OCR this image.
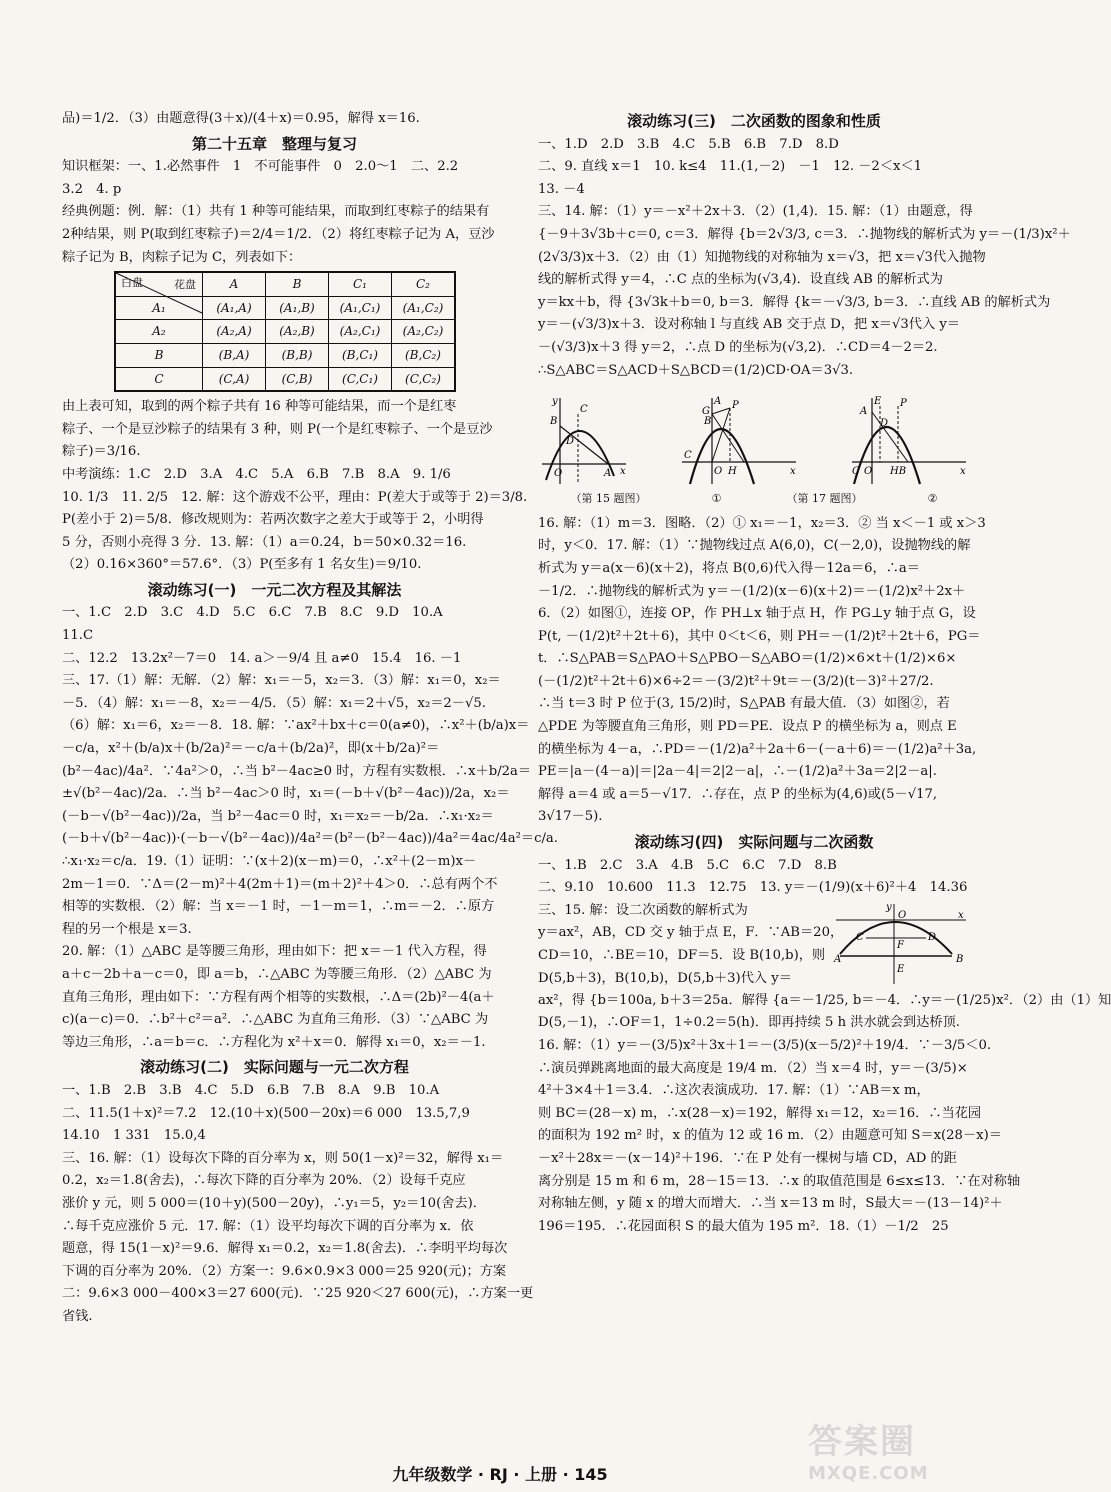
品)＝1/2．（3）由题意得(3＋x)/(4＋x)＝0.95，解得 x＝16.
第二十五章　整理与复习
知识框架：一、1.必然事件　1　不可能事件　0　2.0～1　二、2.2
3.2　4. p
经典例题：例．解：（1）共有 1 种等可能结果，而取到红枣粽子的结果有
2种结果，则 P(取到红枣粽子)＝2/4＝1/2．（2）将红枣粽子记为 A，豆沙
粽子记为 B，肉粽子记为 C，列表如下：
花盘
白盘	A	B	C₁	C₂
A₁	(A₁,A)	(A₁,B)	(A₁,C₁)	(A₁,C₂)
A₂	(A₂,A)	(A₂,B)	(A₂,C₁)	(A₂,C₂)
B	(B,A)	(B,B)	(B,C₁)	(B,C₂)
C	(C,A)	(C,B)	(C,C₁)	(C,C₂)
由上表可知，取到的两个粽子共有 16 种等可能结果，而一个是红枣
粽子、一个是豆沙粽子的结果有 3 种，则 P(一个是红枣粽子、一个是豆沙
粽子)＝3/16.
中考演练：1.C　2.D　3.A　4.C　5.A　6.B　7.B　8.A　9. 1/6
10. 1/3　11. 2/5　12. 解：这个游戏不公平，理由：P(差大于或等于 2)＝3/8.
P(差小于 2)＝5/8．修改规则为：若两次数字之差大于或等于 2，小明得
5 分，否则小亮得 3 分．13. 解：（1）a＝0.24，b＝50×0.32＝16.
（2）0.16×360°＝57.6°．（3）P(至多有 1 名女生)＝9/10.
滚动练习(一)　一元二次方程及其解法
一、1.C　2.D　3.C　4.D　5.C　6.C　7.B　8.C　9.D　10.A
11.C
二、12.2　13.2x²－7＝0　14. a＞－9/4 且 a≠0　15.4　16. －1
三、17.（1）解：无解．（2）解：x₁＝－5，x₂＝3．（3）解：x₁＝0，x₂＝
－5．（4）解：x₁＝－8，x₂＝－4/5．（5）解：x₁＝2＋√5，x₂＝2－√5.
（6）解：x₁＝6，x₂＝－8．18. 解：∵ax²＋bx＋c＝0(a≠0)，∴x²＋(b/a)x＝
－c/a，x²＋(b/a)x＋(b/2a)²＝－c/a＋(b/2a)²，即(x＋b/2a)²＝
(b²－4ac)/4a²．∵4a²＞0，∴当 b²－4ac≥0 时，方程有实数根．∴x＋b/2a＝
±√(b²－4ac)/2a．∴当 b²－4ac＞0 时，x₁＝(－b＋√(b²－4ac))/2a，x₂＝
(－b－√(b²－4ac))/2a，当 b²－4ac＝0 时，x₁＝x₂＝－b/2a．∴x₁·x₂＝
(－b＋√(b²－4ac))·(－b－√(b²－4ac))/4a²＝(b²－(b²－4ac))/4a²＝4ac/4a²＝c/a.
∴x₁·x₂＝c/a．19.（1）证明：∵(x＋2)(x－m)＝0，∴x²＋(2－m)x－
2m－1＝0．∵Δ＝(2－m)²＋4(2m＋1)＝(m＋2)²＋4＞0．∴总有两个不
相等的实数根．（2）解：当 x＝－1 时，－1－m＝1，∴m＝－2．∴原方
程的另一个根是 x＝3.
20. 解：（1）△ABC 是等腰三角形，理由如下：把 x＝－1 代入方程，得
a＋c－2b＋a－c＝0，即 a＝b，∴△ABC 为等腰三角形．（2）△ABC 为
直角三角形，理由如下：∵方程有两个相等的实数根，∴Δ＝(2b)²－4(a＋
c)(a－c)＝0．∴b²＋c²＝a²．∴△ABC 为直角三角形．（3）∵△ABC 为
等边三角形，∴a＝b＝c．∴方程化为 x²＋x＝0．解得 x₁＝0，x₂＝－1.
滚动练习(二)　实际问题与一元二次方程
一、1.B　2.B　3.B　4.C　5.D　6.B　7.B　8.A　9.B　10.A
二、11.5(1＋x)²＝7.2　12.(10＋x)(500－20x)＝6 000　13.5,7,9
14.10　1 331　15.0,4
三、16. 解：（1）设每次下降的百分率为 x，则 50(1－x)²＝32，解得 x₁＝
0.2，x₂＝1.8(舍去)，∴每次下降的百分率为 20%．（2）设每千克应
涨价 y 元，则 5 000＝(10＋y)(500－20y)，∴y₁＝5，y₂＝10(舍去)．
∴每千克应涨价 5 元．17. 解：（1）设平均每次下调的百分率为 x．依
题意，得 15(1－x)²＝9.6．解得 x₁＝0.2，x₂＝1.8(舍去)．∴李明平均每次
下调的百分率为 20%．（2）方案一：9.6×0.9×3 000＝25 920(元)；方案
二：9.6×3 000－400×3＝27 600(元)．∵25 920＜27 600(元)，∴方案一更
省钱.
滚动练习(三)　二次函数的图象和性质
一、1.D　2.D　3.B　4.C　5.B　6.B　7.D　8.D
二、9. 直线 x＝1　10. k≤4　11.(1,－2)　－1　12. －2＜x＜1
13. －4
三、14. 解：（1）y＝－x²＋2x＋3．（2）(1,4)．15. 解：（1）由题意，得
{－9＋3√3b＋c＝0, c＝3．解得 {b＝2√3/3, c＝3．∴抛物线的解析式为 y＝－(1/3)x²＋
(2√3/3)x＋3．（2）由（1）知抛物线的对称轴为 x＝√3，把 x＝√3代入抛物
线的解析式得 y＝4，∴C 点的坐标为(√3,4)．设直线 AB 的解析式为
y＝kx＋b，得 {3√3k＋b＝0, b＝3．解得 {k＝－√3/3, b＝3．∴直线 AB 的解析式为
y＝－(√3/3)x＋3．设对称轴 l 与直线 AB 交于点 D，把 x＝√3代入 y＝
－(√3/3)x＋3 得 y＝2，∴点 D 的坐标为(√3,2)．∴CD＝4－2＝2.
∴S△ABC＝S△ACD＋S△BCD＝(1/2)CD·OA＝3√3.
B
C
D
O	A x
y
G
B
P
A
C
O H	x
E P
D
A
C O HB	x
（第 15 题图）	①	（第 17 题图）	②
16. 解：（1）m＝3．图略．（2）① x₁＝－1，x₂＝3．② 当 x＜－1 或 x＞3
时，y＜0．17. 解：（1）∵抛物线过点 A(6,0)，C(－2,0)，设抛物线的解
析式为 y＝a(x－6)(x＋2)，将点 B(0,6)代入得－12a＝6，∴a＝
－1/2．∴抛物线的解析式为 y＝－(1/2)(x－6)(x＋2)＝－(1/2)x²＋2x＋
6．（2）如图①，连接 OP，作 PH⊥x 轴于点 H，作 PG⊥y 轴于点 G，设
P(t, －(1/2)t²＋2t＋6)，其中 0＜t＜6，则 PH＝－(1/2)t²＋2t＋6，PG＝
t．∴S△PAB＝S△PAO＋S△PBO－S△ABO＝(1/2)×6×t＋(1/2)×6×
(－(1/2)t²＋2t＋6)×6÷2＝－(3/2)t²＋9t＝－(3/2)(t－3)²＋27/2.
∴当 t＝3 时 P 位于(3, 15/2)时，S△PAB 有最大值．（3）如图②，若
△PDE 为等腰直角三角形，则 PD＝PE．设点 P 的横坐标为 a，则点 E
的横坐标为 4－a，∴PD＝－(1/2)a²＋2a＋6－(－a＋6)＝－(1/2)a²＋3a,
PE＝|a－(4－a)|＝|2a－4|＝2|2－a|，∴－(1/2)a²＋3a＝2|2－a|.
解得 a＝4 或 a＝5－√17．∴存在，点 P 的坐标为(4,6)或(5－√17,
3√17－5).
滚动练习(四)　实际问题与二次函数
一、1.B　2.C　3.A　4.B　5.C　6.C　7.D　8.B
二、9.10　10.600　11.3　12.75　13. y＝－(1/9)(x＋6)²＋4　14.36
三、15. 解：设二次函数的解析式为
y＝ax²，AB，CD 交 y 轴于点 E，F．∵AB＝20，
CD＝10，∴BE＝10，DF＝5．设 B(10,b)，则
D(5,b＋3)，B(10,b)，D(5,b＋3)代入 y＝
y
O
C	D
A
F
B
E
x
ax²，得 {b＝100a, b＋3＝25a．解得 {a＝－1/25, b＝－4．∴y＝－(1/25)x²．（2）由（1）知
D(5,－1)，∴OF＝1，1÷0.2＝5(h)．即再持续 5 h 洪水就会到达桥顶.
16. 解：（1）y＝－(3/5)x²＋3x＋1＝－(3/5)(x－5/2)²＋19/4．∵－3/5＜0.
∴演员弹跳离地面的最大高度是 19/4 m．（2）当 x＝4 时，y＝－(3/5)×
4²＋3×4＋1＝3.4．∴这次表演成功．17. 解：（1）∵AB＝x m，
则 BC＝(28－x) m，∴x(28－x)＝192，解得 x₁＝12，x₂＝16．∴当花园
的面积为 192 m² 时，x 的值为 12 或 16 m．（2）由题意可知 S＝x(28－x)＝
－x²＋28x＝－(x－14)²＋196．∵在 P 处有一棵树与墙 CD，AD 的距
离分别是 15 m 和 6 m，28－15＝13．∴x 的取值范围是 6≤x≤13．∵在对称轴
对称轴左侧，y 随 x 的增大而增大．∴当 x＝13 m 时，S最大＝－(13－14)²＋
196＝195．∴花园面积 S 的最大值为 195 m²．18.（1）－1/2　25
九年级数学 · RJ · 上册 · 145
答案圈
MXQE.COM
